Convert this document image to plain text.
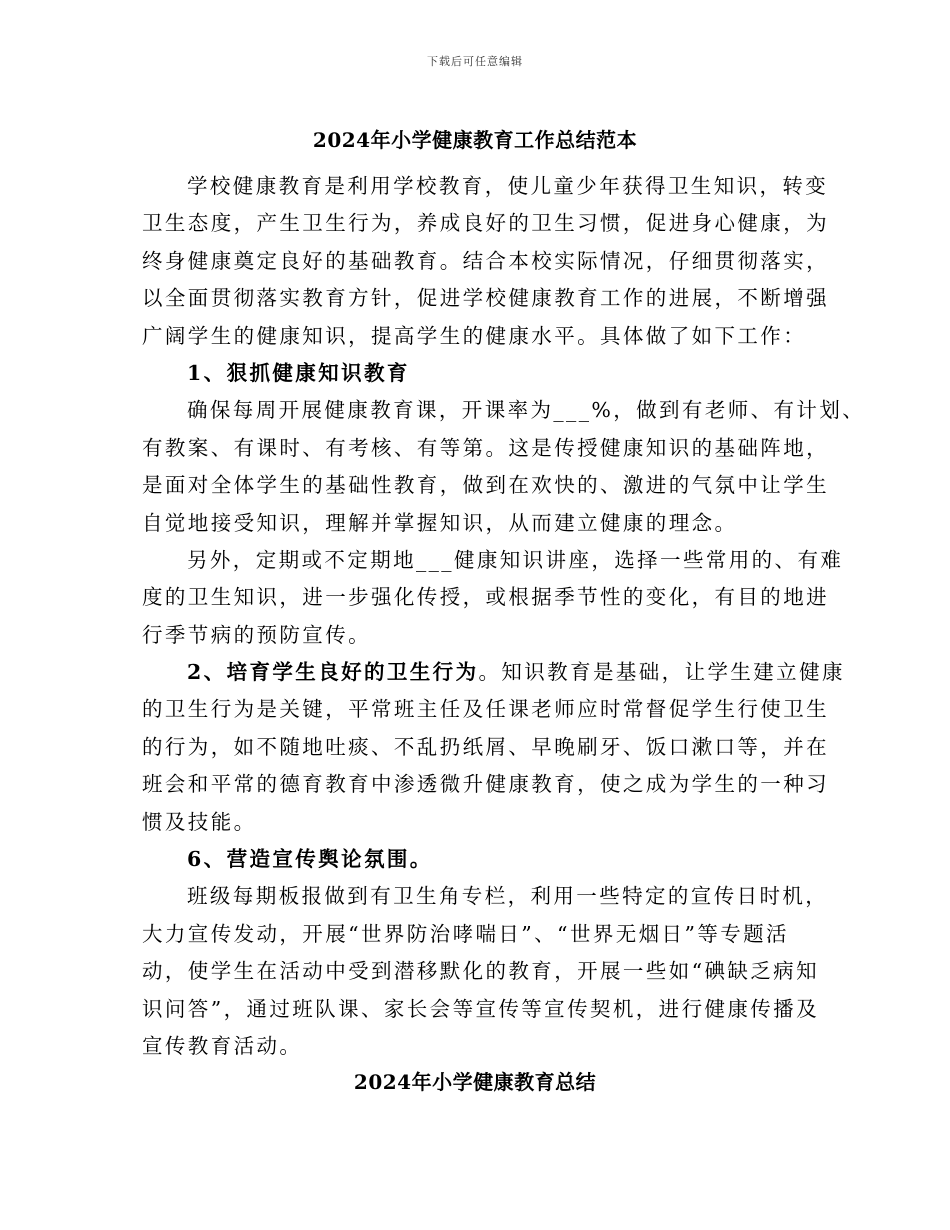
下载后可任意编辑
2024年小学健康教育工作总结范本
学校健康教育是利用学校教育，使儿童少年获得卫生知识，转变
卫生态度，产生卫生行为，养成良好的卫生习惯，促进身心健康，为
终身健康奠定良好的基础教育。结合本校实际情况，仔细贯彻落实，
以全面贯彻落实教育方针，促进学校健康教育工作的进展，不断增强
广阔学生的健康知识，提高学生的健康水平。具体做了如下工作：
1、狠抓健康知识教育
确保每周开展健康教育课，开课率为___%，做到有老师、有计划、
有教案、有课时、有考核、有等第。这是传授健康知识的基础阵地，
是面对全体学生的基础性教育，做到在欢快的、激进的气氛中让学生
自觉地接受知识，理解并掌握知识，从而建立健康的理念。
另外，定期或不定期地___健康知识讲座，选择一些常用的、有难
度的卫生知识，进一步强化传授，或根据季节性的变化，有目的地进
行季节病的预防宣传。
2、培育学生良好的卫生行为。知识教育是基础，让学生建立健康
的卫生行为是关键，平常班主任及任课老师应时常督促学生行使卫生
的行为，如不随地吐痰、不乱扔纸屑、早晚刷牙、饭口漱口等，并在
班会和平常的德育教育中渗透微升健康教育，使之成为学生的一种习
惯及技能。
6、营造宣传舆论氛围。
班级每期板报做到有卫生角专栏，利用一些特定的宣传日时机，
大力宣传发动，开展“世界防治哮喘日”、“世界无烟日”等专题活
动，使学生在活动中受到潜移默化的教育，开展一些如“碘缺乏病知
识问答”，通过班队课、家长会等宣传等宣传契机，进行健康传播及
宣传教育活动。
2024年小学健康教育总结
